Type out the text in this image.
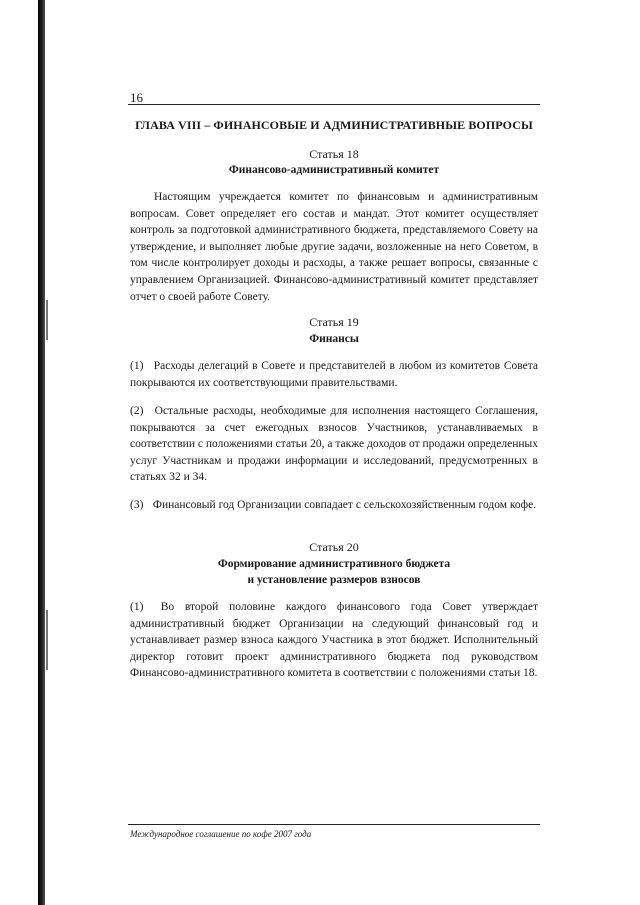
16
ГЛАВА VIII – ФИНАНСОВЫЕ И АДМИНИСТРАТИВНЫЕ ВОПРОСЫ
Статья 18
Финансово-административный комитет

Настоящим учреждается комитет по финансовым и административным вопросам. Совет определяет его состав и мандат. Этот комитет осуществляет контроль за подготовкой административного бюджета, представляемого Совету на утверждение, и выполняет любые другие задачи, возложенные на него Советом, в том числе контролирует доходы и расходы, а также решает вопросы, связанные с управлением Организацией. Финансово-административный комитет представляет отчет о своей работе Совету.

Статья 19
Финансы

(1) Расходы делегаций в Совете и представителей в любом из комитетов Совета покрываются их соответствующими правительствами.

(2) Остальные расходы, необходимые для исполнения настоящего Соглашения, покрываются за счет ежегодных взносов Участников, устанавливаемых в соответствии с положениями статьи 20, а также доходов от продажи определенных услуг Участникам и продажи информации и исследований, предусмотренных в статьях 32 и 34.

(3) Финансовый год Организации совпадает с сельскохозяйственным годом кофе.

Статья 20
Формирование административного бюджета
и установление размеров взносов

(1) Во второй половине каждого финансового года Совет утверждает административный бюджет Организации на следующий финансовый год и устанавливает размер взноса каждого Участника в этот бюджет. Исполнительный директор готовит проект административного бюджета под руководством Финансово-административного комитета в соответствии с положениями статьи 18.

Международное соглашение по кофе 2007 года
